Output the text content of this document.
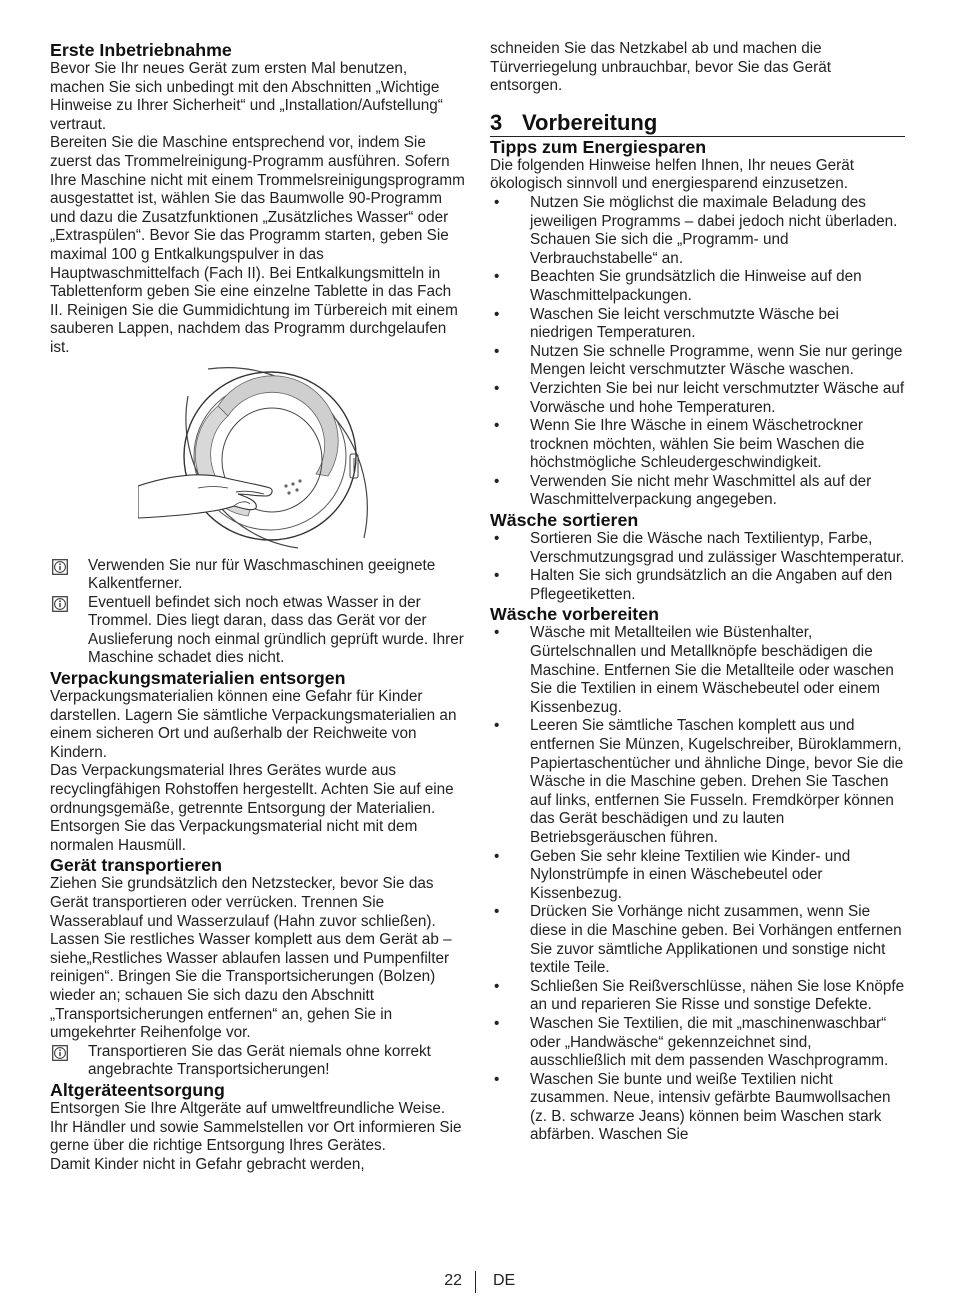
Erste Inbetriebnahme

Bevor Sie Ihr neues Gerät zum ersten Mal benutzen, machen Sie sich unbedingt mit den Abschnitten „Wichtige Hinweise zu Ihrer Sicherheit“ und „Installation/Aufstellung“ vertraut.

Bereiten Sie die Maschine entsprechend vor, indem Sie zuerst das Trommelreinigung-Programm ausführen. Sofern Ihre Maschine nicht mit einem Trommelsreinigungsprogramm ausgestattet ist, wählen Sie das Baumwolle 90-Programm und dazu die Zusatzfunktionen „Zusätzliches Wasser“ oder „Extraspülen“. Bevor Sie das Programm starten, geben Sie maximal 100 g Entkalkungspulver in das Hauptwaschmittelfach (Fach II). Bei Entkalkungsmitteln in Tablettenform geben Sie eine einzelne Tablette in das Fach II. Reinigen Sie die Gummidichtung im Türbereich mit einem sauberen Lappen, nachdem das Programm durchgelaufen ist.

Verwenden Sie nur für Waschmaschinen geeignete Kalkentferner.
Eventuell befindet sich noch etwas Wasser in der Trommel. Dies liegt daran, dass das Gerät vor der Auslieferung noch einmal gründlich geprüft wurde. Ihrer Maschine schadet dies nicht.
Verpackungsmaterialien entsorgen

Verpackungsmaterialien können eine Gefahr für Kinder darstellen. Lagern Sie sämtliche Verpackungsmaterialien an einem sicheren Ort und außerhalb der Reichweite von Kindern.

Das Verpackungsmaterial Ihres Gerätes wurde aus recyclingfähigen Rohstoffen hergestellt. Achten Sie auf eine ordnungsgemäße, getrennte Entsorgung der Materialien. Entsorgen Sie das Verpackungsmaterial nicht mit dem normalen Hausmüll.

Gerät transportieren

Ziehen Sie grundsätzlich den Netzstecker, bevor Sie das Gerät transportieren oder verrücken. Trennen Sie Wasserablauf und Wasserzulauf (Hahn zuvor schließen). Lassen Sie restliches Wasser komplett aus dem Gerät ab – siehe„Restliches Wasser ablaufen lassen und Pumpenfilter reinigen“. Bringen Sie die Transportsicherungen (Bolzen) wieder an; schauen Sie sich dazu den Abschnitt „Transportsicherungen entfernen“ an, gehen Sie in umgekehrter Reihenfolge vor.

Transportieren Sie das Gerät niemals ohne korrekt angebrachte Transportsicherungen!
Altgeräteentsorgung

Entsorgen Sie Ihre Altgeräte auf umweltfreundliche Weise.

Ihr Händler und sowie Sammelstellen vor Ort informieren Sie gerne über die richtige Entsorgung Ihres Gerätes.

Damit Kinder nicht in Gefahr gebracht werden,

schneiden Sie das Netzkabel ab und machen die Türverriegelung unbrauchbar, bevor Sie das Gerät entsorgen.

3 Vorbereitung
Tipps zum Energiesparen

Die folgenden Hinweise helfen Ihnen, Ihr neues Gerät ökologisch sinnvoll und energiesparend einzusetzen.

• Nutzen Sie möglichst die maximale Beladung des jeweiligen Programms – dabei jedoch nicht überladen. Schauen Sie sich die „Programm- und Verbrauchstabelle“ an.
• Beachten Sie grundsätzlich die Hinweise auf den Waschmittelpackungen.
• Waschen Sie leicht verschmutzte Wäsche bei niedrigen Temperaturen.
• Nutzen Sie schnelle Programme, wenn Sie nur geringe Mengen leicht verschmutzter Wäsche waschen.
• Verzichten Sie bei nur leicht verschmutzter Wäsche auf Vorwäsche und hohe Temperaturen.
• Wenn Sie Ihre Wäsche in einem Wäschetrockner trocknen möchten, wählen Sie beim Waschen die höchstmögliche Schleudergeschwindigkeit.
• Verwenden Sie nicht mehr Waschmittel als auf der Waschmittelverpackung angegeben.
Wäsche sortieren
• Sortieren Sie die Wäsche nach Textilientyp, Farbe, Verschmutzungsgrad und zulässiger Waschtemperatur.
• Halten Sie sich grundsätzlich an die Angaben auf den Pflegeetiketten.
Wäsche vorbereiten
• Wäsche mit Metallteilen wie Büstenhalter, Gürtelschnallen und Metallknöpfe beschädigen die Maschine. Entfernen Sie die Metallteile oder waschen Sie die Textilien in einem Wäschebeutel oder einem Kissenbezug.
• Leeren Sie sämtliche Taschen komplett aus und entfernen Sie Münzen, Kugelschreiber, Büroklammern, Papiertaschentücher und ähnliche Dinge, bevor Sie die Wäsche in die Maschine geben. Drehen Sie Taschen auf links, entfernen Sie Fusseln. Fremdkörper können das Gerät beschädigen und zu lauten Betriebsgeräuschen führen.
• Geben Sie sehr kleine Textilien wie Kinder- und Nylonstrümpfe in einen Wäschebeutel oder Kissenbezug.
• Drücken Sie Vorhänge nicht zusammen, wenn Sie diese in die Maschine geben. Bei Vorhängen entfernen Sie zuvor sämtliche Applikationen und sonstige nicht textile Teile.
• Schließen Sie Reißverschlüsse, nähen Sie lose Knöpfe an und reparieren Sie Risse und sonstige Defekte.
• Waschen Sie Textilien, die mit „maschinenwaschbar“ oder „Handwäsche“ gekennzeichnet sind, ausschließlich mit dem passenden Waschprogramm.
• Waschen Sie bunte und weiße Textilien nicht zusammen. Neue, intensiv gefärbte Baumwollsachen (z. B. schwarze Jeans) können beim Waschen stark abfärben. Waschen Sie
22 DE
